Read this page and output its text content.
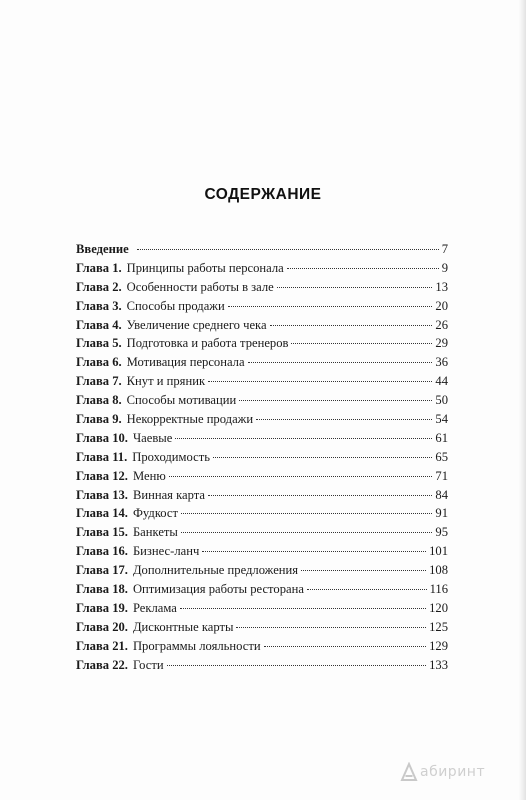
СОДЕРЖАНИЕ
Введение	7
Глава 1. Принципы работы персонала	9
Глава 2. Особенности работы в зале	13
Глава 3. Способы продажи	20
Глава 4. Увеличение среднего чека	26
Глава 5. Подготовка и работа тренеров	29
Глава 6. Мотивация персонала	36
Глава 7. Кнут и пряник	44
Глава 8. Способы мотивации	50
Глава 9. Некорректные продажи	54
Глава 10. Чаевые	61
Глава 11. Проходимость	65
Глава 12. Меню	71
Глава 13. Винная карта	84
Глава 14. Фудкост	91
Глава 15. Банкеты	95
Глава 16. Бизнес-ланч	101
Глава 17. Дополнительные предложения	108
Глава 18. Оптимизация работы ресторана	116
Глава 19. Реклама	120
Глава 20. Дисконтные карты	125
Глава 21. Программы лояльности	129
Глава 22. Гости	133
абиринт
